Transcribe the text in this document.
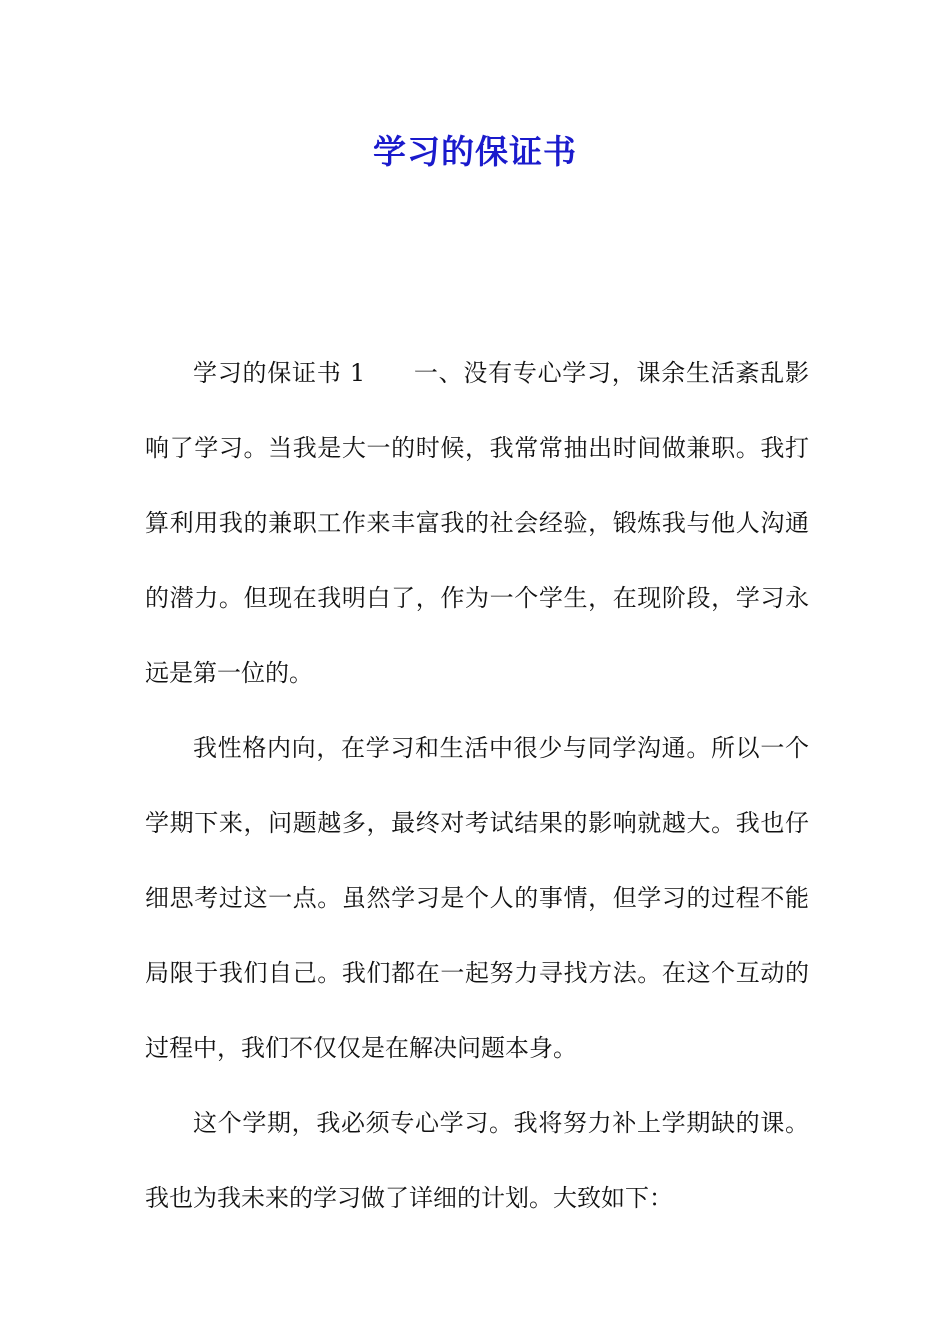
学习的保证书

学习的保证书 1 一、没有专心学习，课余生活紊乱影响了学习。当我是大一的时候，我常常抽出时间做兼职。我打算利用我的兼职工作来丰富我的社会经验，锻炼我与他人沟通的潜力。但现在我明白了，作为一个学生，在现阶段，学习永远是第一位的。

我性格内向，在学习和生活中很少与同学沟通。所以一个学期下来，问题越多，最终对考试结果的影响就越大。我也仔细思考过这一点。虽然学习是个人的事情，但学习的过程不能局限于我们自己。我们都在一起努力寻找方法。在这个互动的过程中，我们不仅仅是在解决问题本身。

这个学期，我必须专心学习。我将努力补上学期缺的课。我也为我未来的学习做了详细的计划。大致如下：
